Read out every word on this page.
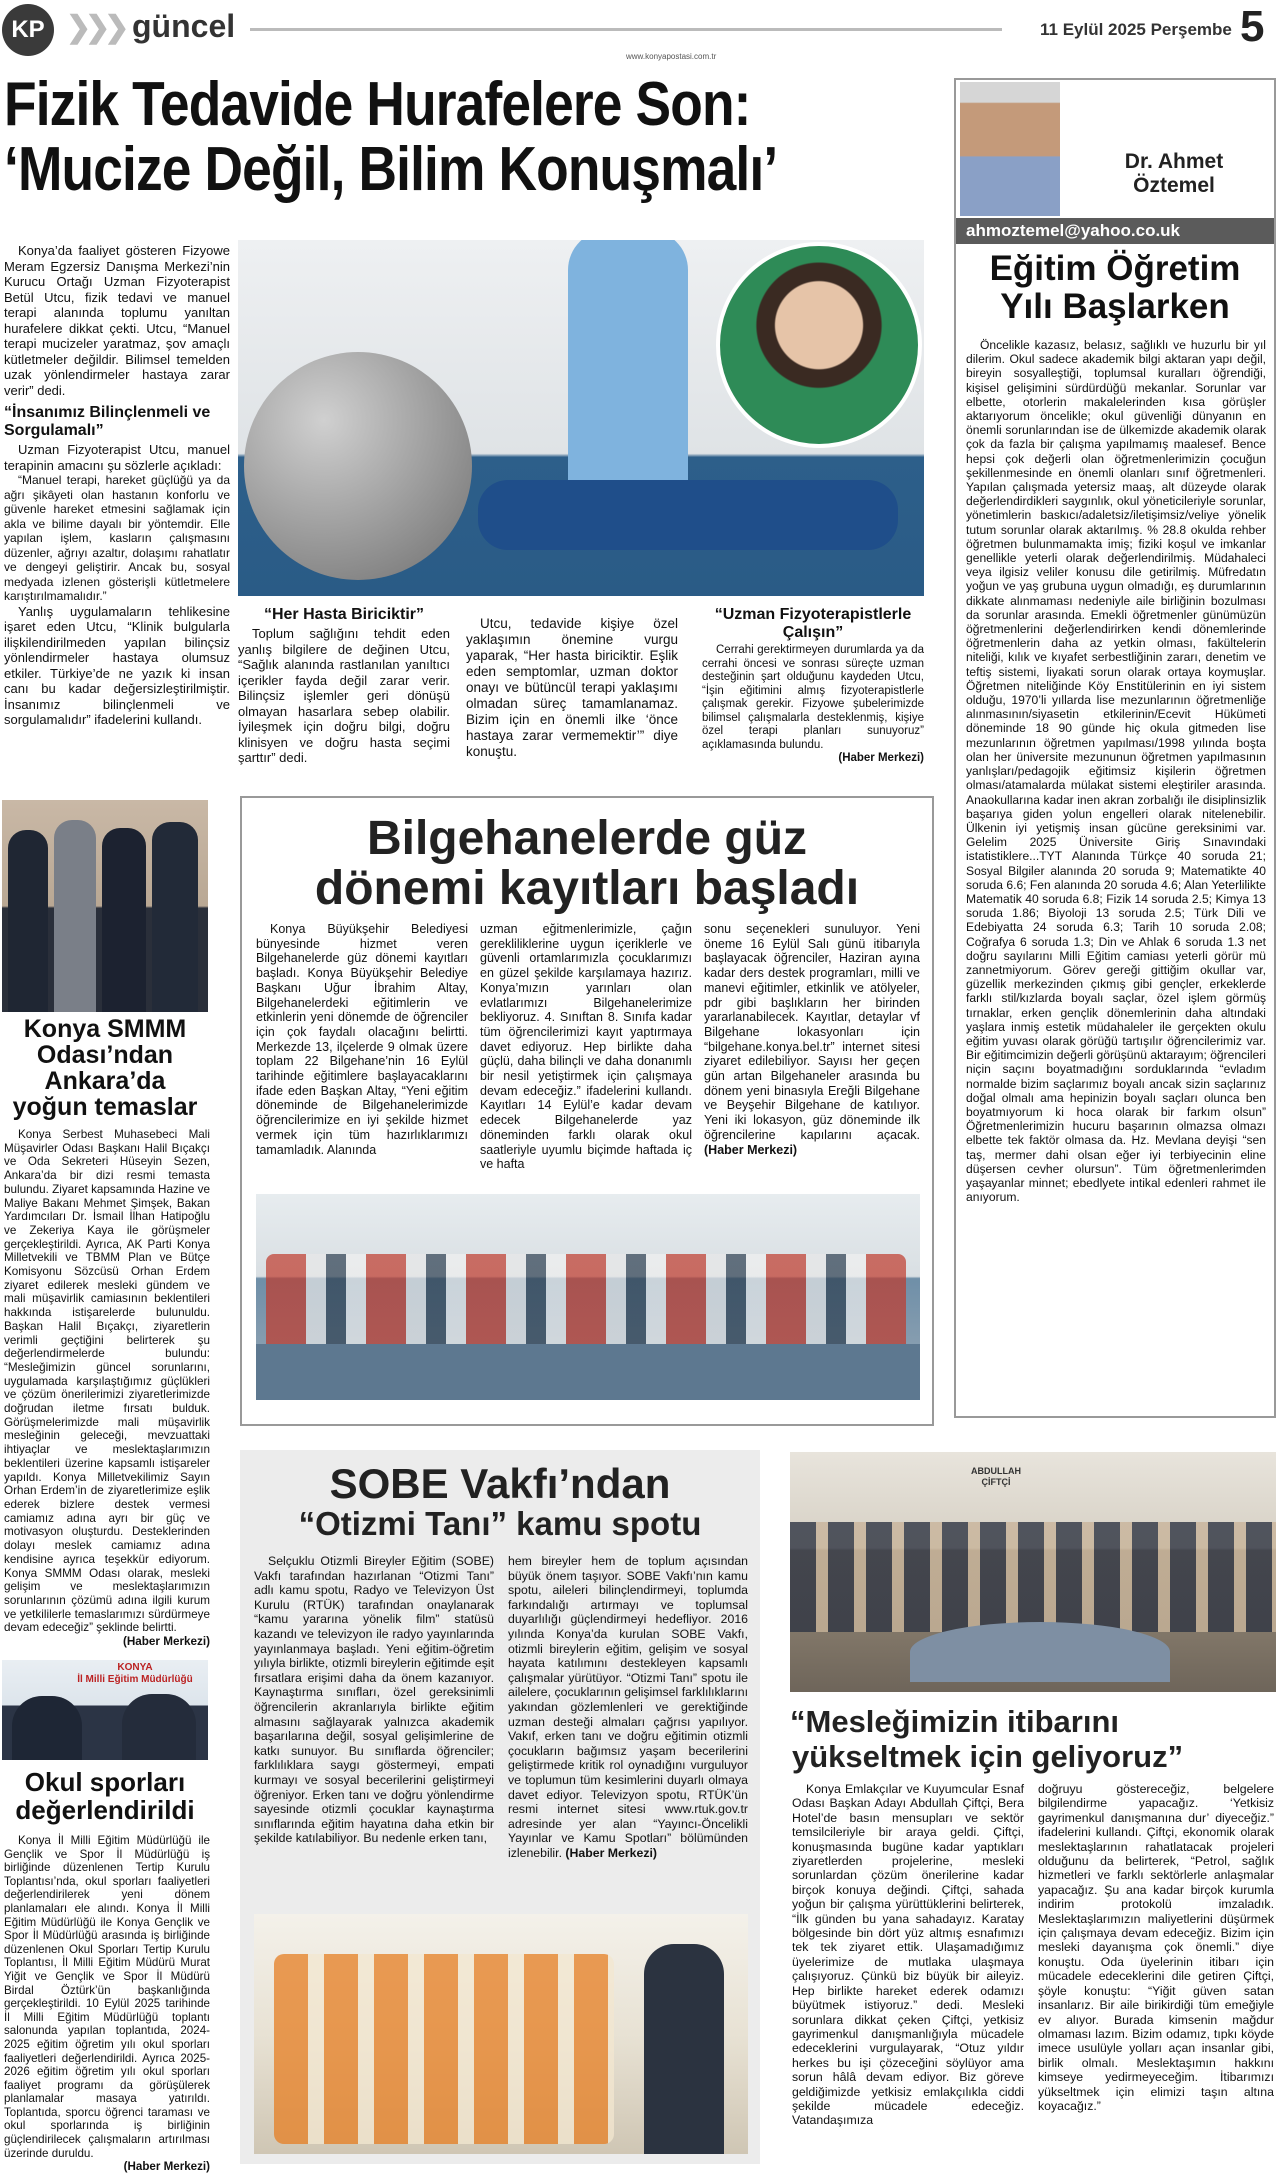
KP ❯❯❯ güncel
www.konyapostasi.com.tr
11 Eylül 2025 Perşembe 5
Fizik Tedavide Hurafelere Son:
‘Mucize Değil, Bilim Konuşmalı’

Konya’da faaliyet gösteren Fizyowe Meram Egzersiz Danışma Merkezi’nin Kurucu Ortağı Uzman Fizyoterapist Betül Utcu, fizik tedavi ve manuel terapi alanında toplumu yanıltan hurafelere dikkat çekti. Utcu, “Manuel terapi mucizeler yaratmaz, şov amaçlı kütletmeler değildir. Bilimsel temelden uzak yönlendirmeler hastaya zarar verir” dedi.

“İnsanımız Bilinçlenmeli ve Sorgulamalı”

Uzman Fizyoterapist Utcu, manuel terapinin amacını şu sözlerle açıkladı:

“Manuel terapi, hareket güçlüğü ya da ağrı şikâyeti olan hastanın konforlu ve güvenle hareket etmesini sağlamak için akla ve bilime dayalı bir yöntemdir. Elle yapılan işlem, kasların çalışmasını düzenler, ağrıyı azaltır, dolaşımı rahatlatır ve dengeyi geliştirir. Ancak bu, sosyal medyada izlenen gösterişli kütletmelere karıştırılmamalıdır.”

Yanlış uygulamaların tehlikesine işaret eden Utcu, “Klinik bulgularla ilişkilendirilmeden yapılan bilinçsiz yönlendirmeler hastaya olumsuz etkiler. Türkiye’de ne yazık ki insan canı bu kadar değersizleştirilmiştir. İnsanımız bilinçlenmeli ve sorgulamalıdır” ifadelerini kullandı.

“Her Hasta Biriciktir”

Toplum sağlığını tehdit eden yanlış bilgilere de değinen Utcu, “Sağlık alanında rastlanılan yanıltıcı içerikler fayda değil zarar verir. Bilinçsiz işlemler geri dönüşü olmayan hasarlara sebep olabilir. İyileşmek için doğru bilgi, doğru klinisyen ve doğru hasta seçimi şarttır” dedi.

Utcu, tedavide kişiye özel yaklaşımın önemine vurgu yaparak, “Her hasta biriciktir. Eşlik eden semptomlar, uzman doktor onayı ve bütüncül terapi yaklaşımı olmadan süreç tamamlanamaz. Bizim için en önemli ilke ‘önce hastaya zarar vermemektir’” diye konuştu.

“Uzman Fizyoterapistlerle Çalışın”

Cerrahi gerektirmeyen durumlarda ya da cerrahi öncesi ve sonrası süreçte uzman desteğinin şart olduğunu kaydeden Utcu, “İşin eğitimini almış fizyoterapistlerle çalışmak gerekir. Fizyowe şubelerimizde bilimsel çalışmalarla desteklenmiş, kişiye özel terapi planları sunuyoruz” açıklamasında bulundu.

(Haber Merkezi)

Dr. Ahmet
Öztemel
ahmoztemel@yahoo.co.uk
Eğitim Öğretim
Yılı Başlarken
Öncelikle kazasız, belasız, sağlıklı ve huzurlu bir yıl dilerim. Okul sadece akademik bilgi aktaran yapı değil, bireyin sosyalleştiği, toplumsal kuralları öğrendiği, kişisel gelişimini sürdürdüğü mekanlar. Sorunlar var elbette, otorlerin makalelerinden kısa görüşler aktarıyorum öncelikle; okul güvenliği dünyanın en önemli sorunlarından ise de ülkemizde akademik olarak çok da fazla bir çalışma yapılmamış maalesef. Bence hepsi çok değerli olan öğretmenlerimizin çocuğun şekillenmesinde en önemli olanları sınıf öğretmenleri. Yapılan çalışmada yetersiz maaş, alt düzeyde olarak değerlendirdikleri saygınlık, okul yöneticileriyle sorunlar, yönetimlerin baskıcı/adaletsiz/iletişimsiz/veliye yönelik tutum sorunlar olarak aktarılmış. % 28.8 okulda rehber öğretmen bulunmamakta imiş; fiziki koşul ve imkanlar genellikle yeterli olarak değerlendirilmiş. Müdahaleci veya ilgisiz veliler konusu dile getirilmiş. Müfredatın yoğun ve yaş grubuna uygun olmadığı, eş durumlarının dikkate alınmaması nedeniyle aile birliğinin bozulması da sorunlar arasında. Emekli öğretmenler günümüzün öğretmenlerini değerlendirirken kendi dönemlerinde öğretmenlerin daha az yetkin olması, fakültelerin niteliği, kılık ve kıyafet serbestliğinin zararı, denetim ve teftiş sistemi, liyakati sorun olarak ortaya koymuşlar. Öğretmen niteliğinde Köy Enstitülerinin en iyi sistem olduğu, 1970’li yıllarda lise mezunlarının öğretmenliğe alınmasının/siyasetin etkilerinin/Ecevit Hükümeti döneminde 18 90 günde hiç okula gitmeden lise mezunlarının öğretmen yapılması/1998 yılında boşta olan her üniversite mezununun öğretmen yapılmasının yanlışları/pedagojik eğitimsiz kişilerin öğretmen olması/atamalarda mülakat sistemi eleştiriler arasında. Anaokullarına kadar inen akran zorbalığı ile disiplinsizlik başarıya giden yolun engelleri olarak nitelenebilir. Ülkenin iyi yetişmiş insan gücüne gereksinimi var. Gelelim 2025 Üniversite Giriş Sınavındaki istatistiklere...TYT Alanında Türkçe 40 soruda 21; Sosyal Bilgiler alanında 20 soruda 9; Matematikte 40 soruda 6.6; Fen alanında 20 soruda 4.6; Alan Yeterlilikte Matematik 40 soruda 6.8; Fizik 14 soruda 2.5; Kimya 13 soruda 1.86; Biyoloji 13 soruda 2.5; Türk Dili ve Edebiyatta 24 soruda 6.3; Tarih 10 soruda 2.08; Coğrafya 6 soruda 1.3; Din ve Ahlak 6 soruda 1.3 net doğru sayılarını Milli Eğitim camiası yeterli görür mü zannetmiyorum. Görev gereği gittiğim okullar var, güzellik merkezinden çıkmış gibi gençler, erkeklerde farklı stil/kızlarda boyalı saçlar, özel işlem görmüş tırnaklar, erken gençlik dönemlerinin daha altındaki yaşlara inmiş estetik müdahaleler ile gerçekten okulu eğitim yuvası olarak görüğü tartışılır öğrencilerimiz var. Bir eğitimcimizin değerli görüşünü aktarayım; öğrencileri niçin saçını boyatmadığını sorduklarında “evladım normalde bizim saçlarımız boyalı ancak sizin saçlarınız doğal olmalı ama hepinizin boyalı saçları olunca ben boyatmıyorum ki hoca olarak bir farkım olsun” Öğretmenlerimizin hucuru başarının olmazsa olmazı elbette tek faktör olmasa da. Hz. Mevlana deyişi “sen taş, mermer dahi olsan eğer iyi terbiyecinin eline düşersen cevher olursun”. Tüm öğretmenlerimden yaşayanlar minnet; ebedlyete intikal edenleri rahmet ile anıyorum.
Konya SMMM
Odası’ndan
Ankara’da
yoğun temaslar

Konya Serbest Muhasebeci Mali Müşavirler Odası Başkanı Halil Bıçakçı ve Oda Sekreteri Hüseyin Sezen, Ankara’da bir dizi resmi temasta bulundu. Ziyaret kapsamında Hazine ve Maliye Bakanı Mehmet Şimşek, Bakan Yardımcıları Dr. İsmail İlhan Hatipoğlu ve Zekeriya Kaya ile görüşmeler gerçekleştirildi. Ayrıca, AK Parti Konya Milletvekili ve TBMM Plan ve Bütçe Komisyonu Sözcüsü Orhan Erdem ziyaret edilerek mesleki gündem ve mali müşavirlik camiasının beklentileri hakkında istişarelerde bulunuldu. Başkan Halil Bıçakçı, ziyaretlerin verimli geçtiğini belirterek şu değerlendirmelerde bulundu: “Mesleğimizin güncel sorunlarını, uygulamada karşılaştığımız güçlükleri ve çözüm önerilerimizi ziyaretlerimizde doğrudan iletme fırsatı bulduk. Görüşmelerimizde mali müşavirlik mesleğinin geleceği, mevzuattaki ihtiyaçlar ve meslektaşlarımızın beklentileri üzerine kapsamlı istişareler yapıldı. Konya Milletvekilimiz Sayın Orhan Erdem’in de ziyaretlerimize eşlik ederek bizlere destek vermesi camiamız adına ayrı bir güç ve motivasyon oluşturdu. Desteklerinden dolayı meslek camiamız adına kendisine ayrıca teşekkür ediyorum. Konya SMMM Odası olarak, mesleki gelişim ve meslektaşlarımızın sorunlarının çözümü adına ilgili kurum ve yetkililerle temaslarımızı sürdürmeye devam edeceğiz” şeklinde belirtti.

(Haber Merkezi)

Bilgehanelerde güz
dönemi kayıtları başladı
Konya Büyükşehir Belediyesi bünyesinde hizmet veren Bilgehanelerde güz dönemi kayıtları başladı. Konya Büyükşehir Belediye Başkanı Uğur İbrahim Altay, Bilgehanelerdeki eğitimlerin ve etkinlerin yeni dönemde de öğrenciler için çok faydalı olacağını belirtti. Merkezde 13, ilçelerde 9 olmak üzere toplam 22 Bilgehane’nin 16 Eylül tarihinde eğitimlere başlayacaklarını ifade eden Başkan Altay, “Yeni eğitim döneminde de Bilgehanelerimizde öğrencilerimize en iyi şekilde hizmet vermek için tüm hazırlıklarımızı tamamladık. Alanında
uzman eğitmenlerimizle, çağın gerekliliklerine uygun içeriklerle ve güvenli ortamlarımızla çocuklarımızı en güzel şekilde karşılamaya hazırız. Konya’mızın yarınları olan evlatlarımızı Bilgehanelerimize bekliyoruz. 4. Sınıftan 8. Sınıfa kadar tüm öğrencilerimizi kayıt yaptırmaya davet ediyoruz. Hep birlikte daha güçlü, daha bilinçli ve daha donanımlı bir nesil yetiştirmek için çalışmaya devam edeceğiz.” ifadelerini kullandı. Kayıtları 14 Eylül’e kadar devam edecek Bilgehanelerde yaz döneminden farklı olarak okul saatleriyle uyumlu biçimde haftada iç ve hafta
sonu seçenekleri sunuluyor. Yeni öneme 16 Eylül Salı günü itibarıyla başlayacak öğrenciler, Haziran ayına kadar ders destek programları, milli ve manevi eğitimler, etkinlik ve atölyeler, pdr gibi başlıkların her birinden yararlanabilecek. Kayıtlar, detaylar vf Bilgehane lokasyonları için “bilgehane.konya.bel.tr” internet sitesi ziyaret edilebiliyor. Sayısı her geçen gün artan Bilgehaneler arasında bu dönem yeni binasıyla Ereğli Bilgehane ve Beyşehir Bilgehane de katılıyor. Yeni iki lokasyon, güz döneminde ilk öğrencilerine kapılarını açacak. (Haber Merkezi)
SOBE Vakfı’ndan
“Otizmi Tanı” kamu spotu
Selçuklu Otizmli Bireyler Eğitim (SOBE) Vakfı tarafından hazırlanan “Otizmi Tanı” adlı kamu spotu, Radyo ve Televizyon Üst Kurulu (RTÜK) tarafından onaylanarak “kamu yararına yönelik film” statüsü kazandı ve televizyon ile radyo yayınlarında yayınlanmaya başladı. Yeni eğitim-öğretim yılıyla birlikte, otizmli bireylerin eğitimde eşit fırsatlara erişimi daha da önem kazanıyor. Kaynaştırma sınıfları, özel gereksinimli öğrencilerin akranlarıyla birlikte eğitim almasını sağlayarak yalnızca akademik başarılarına değil, sosyal gelişimlerine de katkı sunuyor. Bu sınıflarda öğrenciler; farklılıklara saygı göstermeyi, empati kurmayı ve sosyal becerilerini geliştirmeyi öğreniyor. Erken tanı ve doğru yönlendirme sayesinde otizmli çocuklar kaynaştırma sınıflarında eğitim hayatına daha etkin bir şekilde katılabiliyor. Bu nedenle erken tanı,
hem bireyler hem de toplum açısından büyük önem taşıyor. SOBE Vakfı’nın kamu spotu, aileleri bilinçlendirmeyi, toplumda farkındalığı artırmayı ve toplumsal duyarlılığı güçlendirmeyi hedefliyor. 2016 yılında Konya’da kurulan SOBE Vakfı, otizmli bireylerin eğitim, gelişim ve sosyal hayata katılımını destekleyen kapsamlı çalışmalar yürütüyor. “Otizmi Tanı” spotu ile ailelere, çocuklarının gelişimsel farklılıklarını yakından gözlemlenleri ve gerektiğinde uzman desteği almaları çağrısı yapılıyor. Vakıf, erken tanı ve doğru eğitimin otizmli çocukların bağımsız yaşam becerilerini geliştirmede kritik rol oynadığını vurguluyor ve toplumun tüm kesimlerini duyarlı olmaya davet ediyor. Televizyon spotu, RTÜK’ün resmi internet sitesi www.rtuk.gov.tr adresinde yer alan “Yayıncı-Öncelikli Yayınlar ve Kamu Spotları” bölümünden izlenebilir. (Haber Merkezi)
KONYA
İl Milli Eğitim Müdürlüğü
Okul sporları
değerlendirildi

Konya İl Milli Eğitim Müdürlüğü ile Gençlik ve Spor İl Müdürlüğü iş birliğinde düzenlenen Tertip Kurulu Toplantısı’nda, okul sporları faaliyetleri değerlendirilerek yeni dönem planlamaları ele alındı. Konya İl Milli Eğitim Müdürlüğü ile Konya Gençlik ve Spor İl Müdürlüğü arasında iş birliğinde düzenlenen Okul Sporları Tertip Kurulu Toplantısı, İl Milli Eğitim Müdürü Murat Yiğit ve Gençlik ve Spor İl Müdürü Birdal Öztürk’ün başkanlığında gerçekleştirildi. 10 Eylül 2025 tarihinde İl Milli Eğitim Müdürlüğü toplantı salonunda yapılan toplantıda, 2024-2025 eğitim öğretim yılı okul sporları faaliyetleri değerlendirildi. Ayrıca 2025-2026 eğitim öğretim yılı okul sporları faaliyet programı da görüşülerek planlamalar masaya yatırıldı. Toplantıda, sporcu öğrenci taraması ve okul sporlarında iş birliğinin güçlendirilecek çalışmaların artırılması üzerinde duruldu.

(Haber Merkezi)

ABDULLAH
ÇİFTÇİ
“Mesleğimizin itibarını
yükseltmek için geliyoruz”
Konya Emlakçılar ve Kuyumcular Esnaf Odası Başkan Adayı Abdullah Çiftçi, Bera Hotel’de basın mensupları ve sektör temsilcileriyle bir araya geldi. Çiftçi, konuşmasında bugüne kadar yaptıkları ziyaretlerden projelerine, mesleki sorunlardan çözüm önerilerine kadar birçok konuya değindi. Çiftçi, sahada yoğun bir çalışma yürüttüklerini belirterek, “İlk günden bu yana sahadayız. Karatay bölgesinde bin dört yüz altmış esnafımızı tek tek ziyaret ettik. Ulaşamadığımız üyelerimize de mutlaka ulaşmaya çalışıyoruz. Çünkü biz büyük bir aileyiz. Hep birlikte hareket ederek odamızı büyütmek istiyoruz.” dedi. Mesleki sorunlara dikkat çeken Çiftçi, yetkisiz gayrimenkul danışmanlığıyla mücadele edeceklerini vurgulayarak, “Otuz yıldır herkes bu işi çözeceğini söylüyor ama sorun hâlâ devam ediyor. Biz göreve geldiğimizde yetkisiz emlakçılıkla ciddi şekilde mücadele edeceğiz. Vatandaşımıza
doğruyu göstereceğiz, belgelere bilgilendirme yapacağız. ‘Yetkisiz gayrimenkul danışmanına dur’ diyeceğiz.” ifadelerini kullandı. Çiftçi, ekonomik olarak meslektaşlarının rahatlatacak projeleri olduğunu da belirterek, “Petrol, sağlık hizmetleri ve farklı sektörlerle anlaşmalar yapacağız. Şu ana kadar birçok kurumla indirim protokolü imzaladık. Meslektaşlarımızın maliyetlerini düşürmek için çalışmaya devam edeceğiz. Bizim için mesleki dayanışma çok önemli.” diye konuştu. Oda üyelerinin itibarı için mücadele edeceklerini dile getiren Çiftçi, şöyle konuştu: “Yiğit güven satan insanlarız. Bir aile birikirdiği tüm emeğiyle ev alıyor. Burada kimsenin mağdur olmaması lazım. Bizim odamız, tıpkı köyde imece usulüyle yolları açan insanlar gibi, birlik olmalı. Meslektaşımın hakkını kimseye yedirmeyeceğim. İtibarımızı yükseltmek için elimizi taşın altına koyacağız.”
